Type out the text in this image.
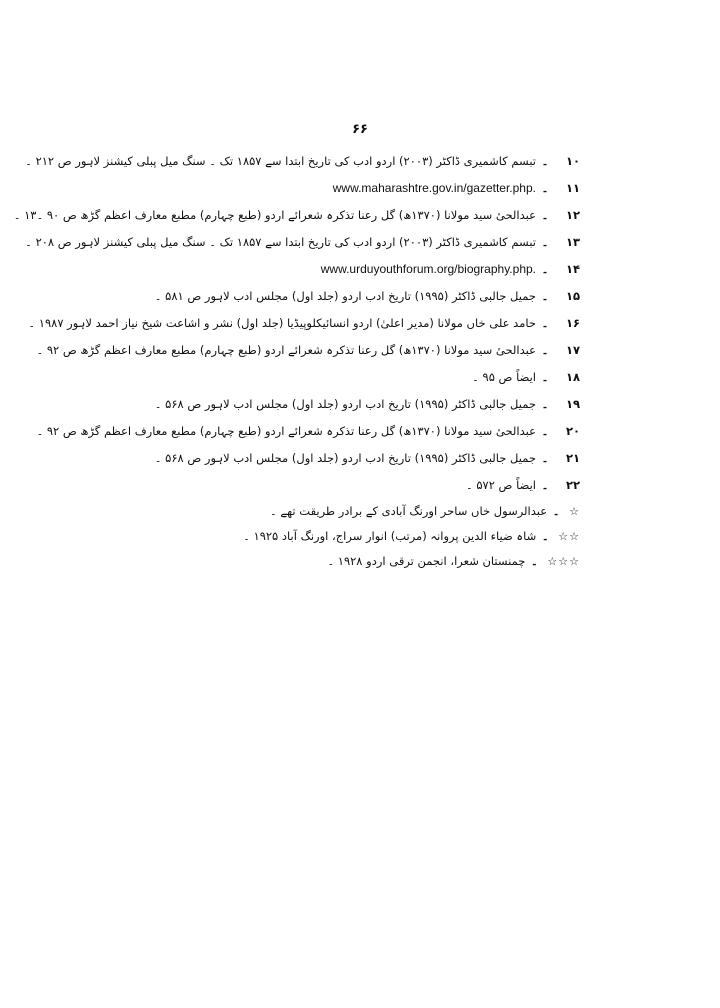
۶۶
۱۰۔تبسم کاشمیری ڈاکٹر (۲۰۰۳) اردو ادب کی تاریخ ابتدا سے ۱۸۵۷ تک ۔ سنگ میل پبلی کیشنز لاہور ص ۲۱۲ ۔
۱۱۔www.maharashtre.gov.in/gazetter.php.
۱۲۔عبدالحیٔ سید مولانا (۱۳۷۰ھ) گل رعنا تذکرہ شعرائے اردو (طبع چہارم) مطبع معارف اعظم گڑھ ص ۹۰ ۔۱۳ ۔
۱۳۔تبسم کاشمیری ڈاکٹر (۲۰۰۳) اردو ادب کی تاریخ ابتدا سے ۱۸۵۷ تک ۔ سنگ میل پبلی کیشنز لاہور ص ۲۰۸ ۔
۱۴۔www.urduyouthforum.org/biography.php.
۱۵۔جمیل جالبی ڈاکٹر (۱۹۹۵) تاریخ ادب اردو (جلد اول) مجلس ادب لاہور ص ۵۸۱ ۔
۱۶۔حامد علی خاں مولانا (مدیر اعلیٰ) اردو انسائیکلوپیڈیا (جلد اول) نشر و اشاعت شیخ نیاز احمد لاہور ۱۹۸۷ ۔
۱۷۔عبدالحیٔ سید مولانا (۱۳۷۰ھ) گل رعنا تذکرہ شعرائے اردو (طبع چہارم) مطبع معارف اعظم گڑھ ص ۹۲ ۔
۱۸۔ایضاً ص ۹۵ ۔
۱۹۔جمیل جالبی ڈاکٹر (۱۹۹۵) تاریخ ادب اردو (جلد اول) مجلس ادب لاہور ص ۵۶۸ ۔
۲۰۔عبدالحیٔ سید مولانا (۱۳۷۰ھ) گل رعنا تذکرہ شعرائے اردو (طبع چہارم) مطبع معارف اعظم گڑھ ص ۹۲ ۔
۲۱۔جمیل جالبی ڈاکٹر (۱۹۹۵) تاریخ ادب اردو (جلد اول) مجلس ادب لاہور ص ۵۶۸ ۔
۲۲۔ایضاً ص ۵۷۲ ۔
☆۔عبدالرسول خاں ساحر اورنگ آبادی کے برادر طریقت تھے ۔
☆☆۔شاہ ضیاء الدین پروانہ (مرتب) انوار سراج، اورنگ آباد ۱۹۲۵ ۔
☆☆☆۔چمنستان شعرا، انجمن ترقی اردو ۱۹۲۸ ۔
